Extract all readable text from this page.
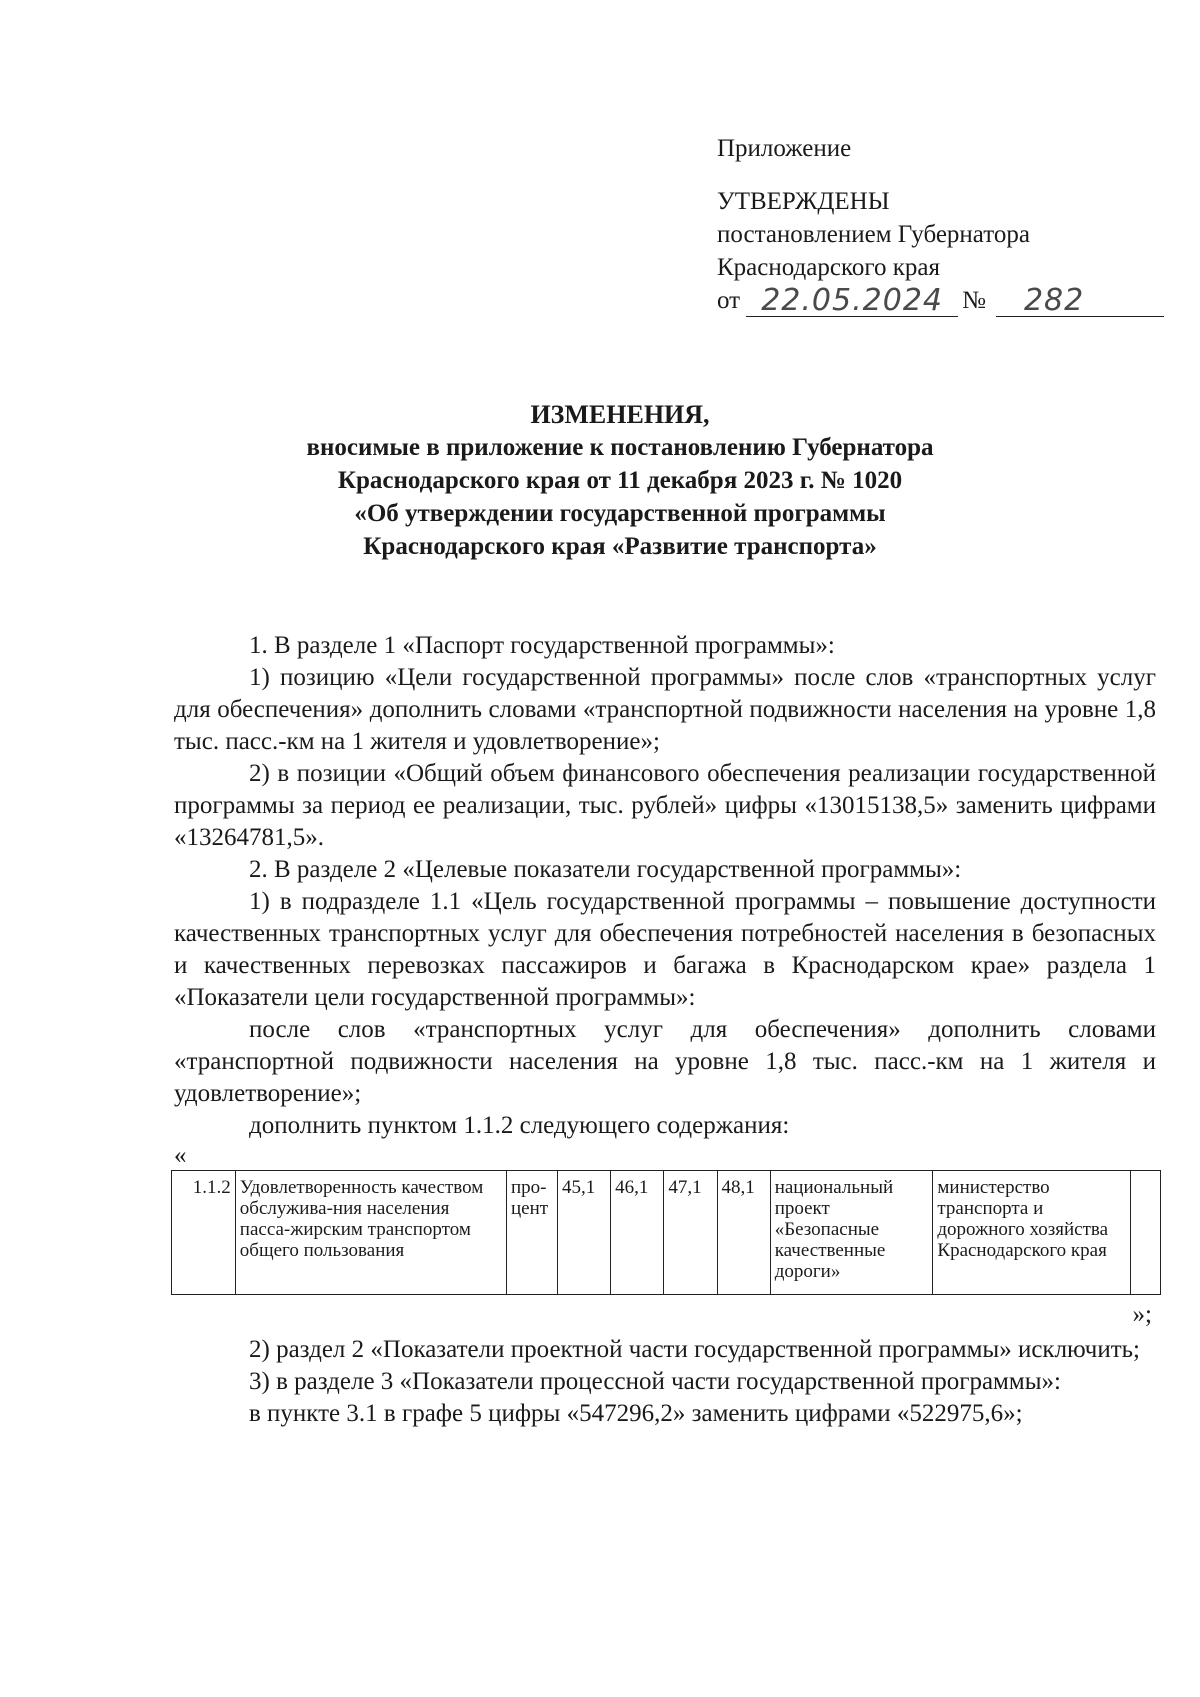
Приложение
УТВЕРЖДЕНЫ
постановлением Губернатора
Краснодарского края
от 22.05.2024 №	282
ИЗМЕНЕНИЯ,
вносимые в приложение к постановлению Губернатора
Краснодарского края от 11 декабря 2023 г. № 1020
«Об утверждении государственной программы
Краснодарского края «Развитие транспорта»

1. В разделе 1 «Паспорт государственной программы»:

1) позицию «Цели государственной программы» после слов «транспортных услуг для обеспечения» дополнить словами «транспортной подвижности населения на уровне 1,8 тыс. пасс.-км на 1 жителя и удовлетворение»;

2) в позиции «Общий объем финансового обеспечения реализации государственной программы за период ее реализации, тыс. рублей» цифры «13015138,5» заменить цифрами «13264781,5».

2. В разделе 2 «Целевые показатели государственной программы»:

1) в подразделе 1.1 «Цель государственной программы – повышение доступности качественных транспортных услуг для обеспечения потребностей населения в безопасных и качественных перевозках пассажиров и багажа в Краснодарском крае» раздела 1 «Показатели цели государственной программы»:

после слов «транспортных услуг для обеспечения» дополнить словами «транспортной подвижности населения на уровне 1,8 тыс. пасс.-км на 1 жителя и удовлетворение»;

дополнить пунктом 1.1.2 следующего содержания:

«
1.1.2	Удовлетворенность качеством обслужива-ния населения пасса-жирским транспортом общего пользования	про-цент	45,1	46,1	47,1	48,1	национальный проект «Безопасные качественные дороги»	министерство транспорта и дорожного хозяйства Краснодарского края	
»;

2) раздел 2 «Показатели проектной части государственной программы» исключить;

3) в разделе 3 «Показатели процессной части государственной программы»:

в пункте 3.1 в графе 5 цифры «547296,2» заменить цифрами «522975,6»;
